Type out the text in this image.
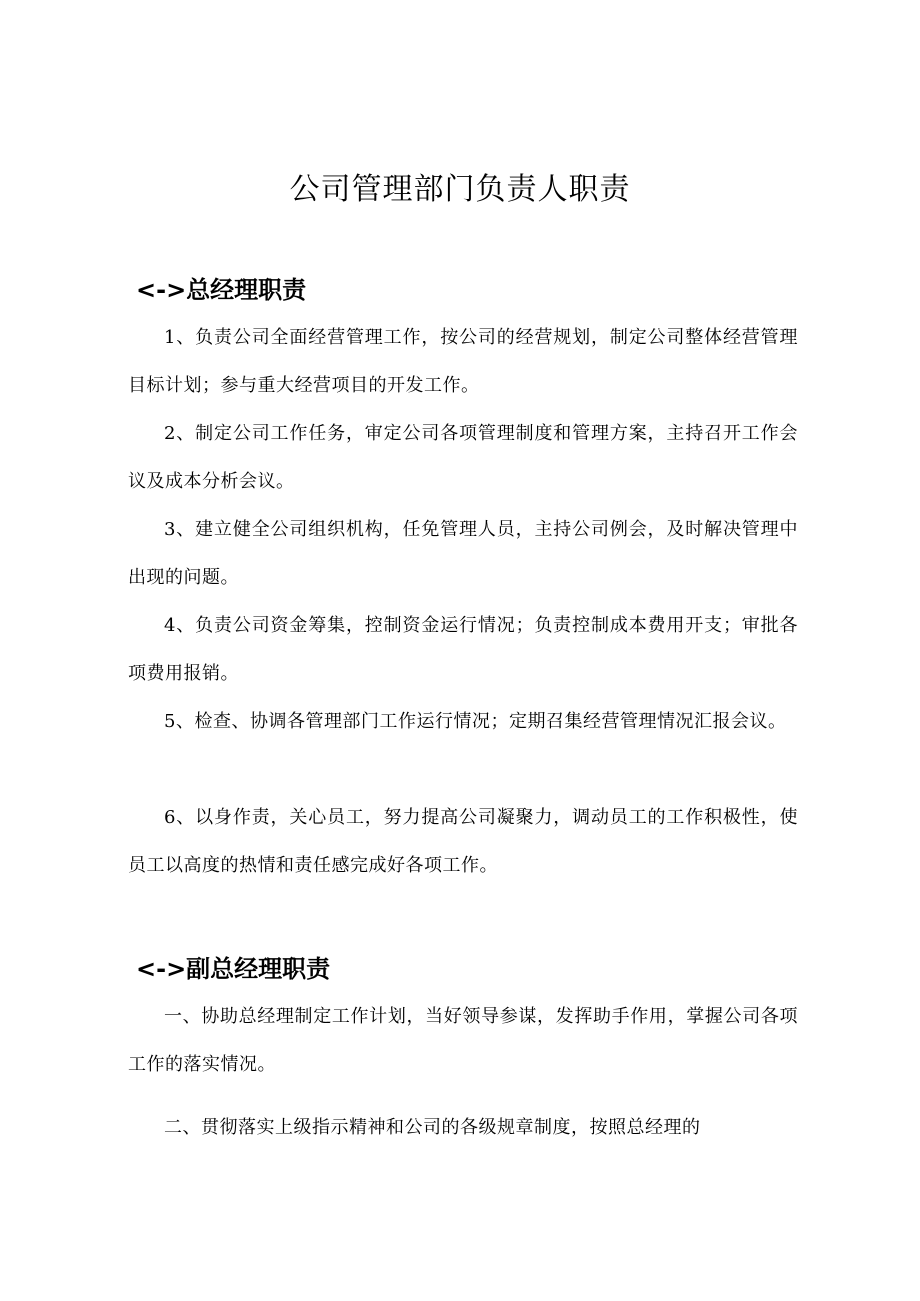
公司管理部门负责人职责
<->总经理职责
1、负责公司全面经营管理工作，按公司的经营规划，制定公司整体经营管理目标计划；参与重大经营项目的开发工作。
2、制定公司工作任务，审定公司各项管理制度和管理方案，主持召开工作会议及成本分析会议。
3、建立健全公司组织机构，任免管理人员，主持公司例会，及时解决管理中出现的问题。
4、负责公司资金筹集，控制资金运行情况；负责控制成本费用开支；审批各项费用报销。
5、检查、协调各管理部门工作运行情况；定期召集经营管理情况汇报会议。
6、以身作责，关心员工，努力提高公司凝聚力，调动员工的工作积极性，使员工以高度的热情和责任感完成好各项工作。
<->副总经理职责
一、协助总经理制定工作计划，当好领导参谋，发挥助手作用，掌握公司各项工作的落实情况。
二、贯彻落实上级指示精神和公司的各级规章制度，按照总经理的
